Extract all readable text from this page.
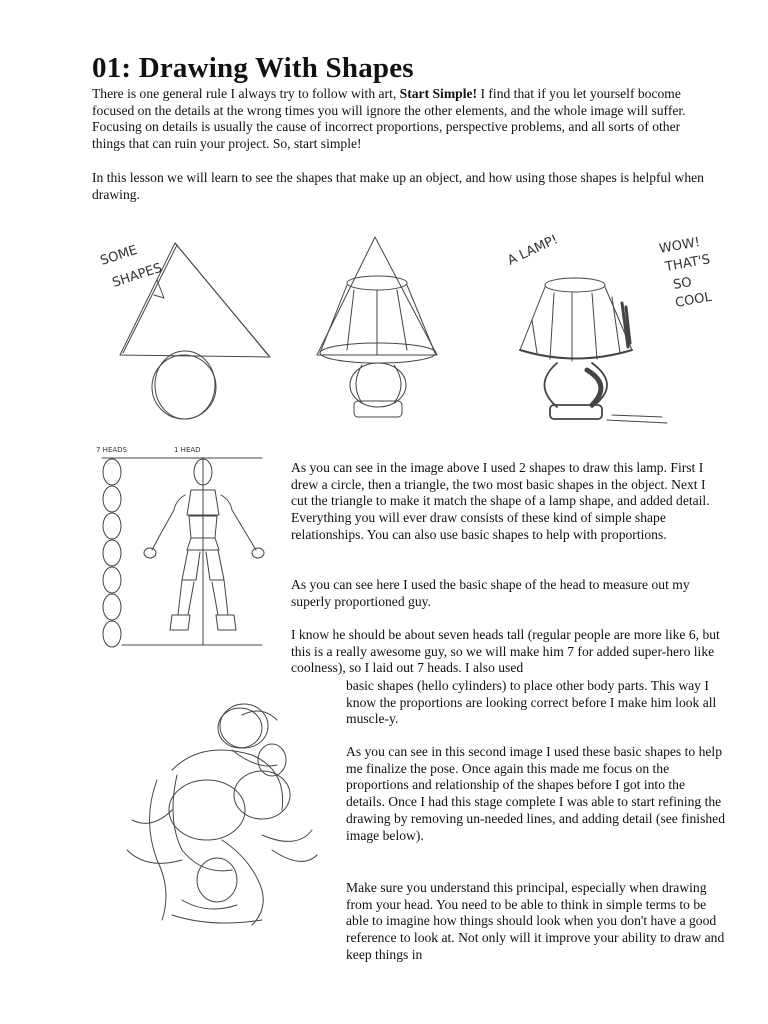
01: Drawing With Shapes

There is one general rule I always try to follow with art, Start Simple! I find that if you let yourself bocome focused on the details at the wrong times you will ignore the other elements, and the whole image will suffer. Focusing on details is usually the cause of incorrect proportions, perspective problems, and all sorts of other things that can ruin your project. So, start simple!

In this lesson we will learn to see the shapes that make up an object, and how using those shapes is helpful when drawing.

SOME
SHAPES
A LAMP!	WOW!
THAT'S
SO
COOL
7 HEADS	1 HEAD

As you can see in the image above I used 2 shapes to draw this lamp. First I drew a circle, then a triangle, the two most basic shapes in the object. Next I cut the triangle to make it match the shape of a lamp shape, and added detail. Everything you will ever draw consists of these kind of simple shape relationships. You can also use basic shapes to help with proportions.

As you can see here I used the basic shape of the head to measure out my superly proportioned guy.

I know he should be about seven heads tall (regular people are more like 6, but this is a really awesome guy, so we will make him 7 for added super-hero like coolness), so I laid out 7 heads. I also used

basic shapes (hello cylinders) to place other body parts. This way I know the proportions are looking correct before I make him look all muscle-y.

As you can see in this second image I used these basic shapes to help me finalize the pose. Once again this made me focus on the proportions and relationship of the shapes before I got into the details. Once I had this stage complete I was able to start refining the drawing by removing un-needed lines, and adding detail (see finished image below).

Make sure you understand this principal, especially when drawing from your head. You need to be able to think in simple terms to be able to imagine how things should look when you don't have a good reference to look at. Not only will it improve your ability to draw and keep things in
